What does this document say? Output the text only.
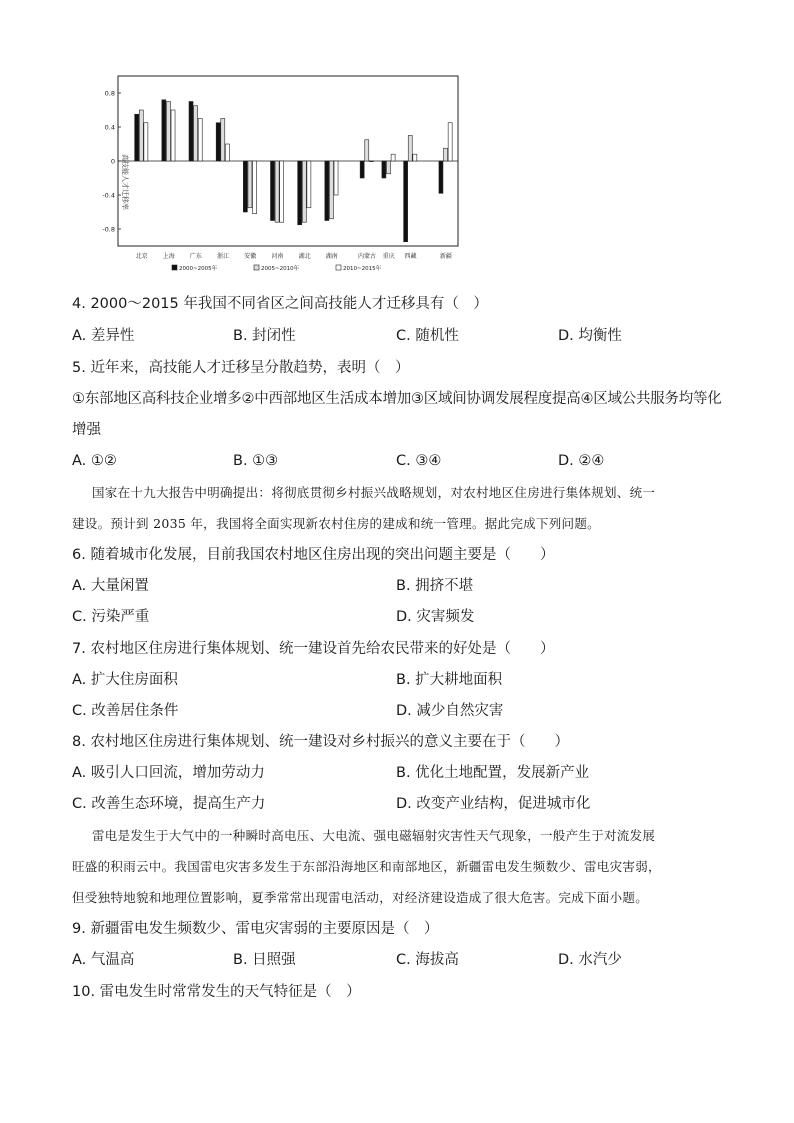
高技能人才迁移率
0.8
0.4
0
-0.4
-0.8
北京	上海	广东	浙江	安徽	河南	湖北	湖南	内蒙古 重庆 西藏	新疆
2000~2005年	2005~2010年	2010~2015年
4. 2000～2015 年我国不同省区之间高技能人才迁移具有（　）
A. 差异性	B. 封闭性	C. 随机性	D. 均衡性
5. 近年来，高技能人才迁移呈分散趋势，表明（　）
①东部地区高科技企业增多②中西部地区生活成本增加③区域间协调发展程度提高④区域公共服务均等化
增强
A. ①②	B. ①③	C. ③④	D. ②④
国家在十九大报告中明确提出：将彻底贯彻乡村振兴战略规划，对农村地区住房进行集体规划、统一
建设。预计到 2035 年，我国将全面实现新农村住房的建成和统一管理。据此完成下列问题。
6. 随着城市化发展，目前我国农村地区住房出现的突出问题主要是（　　）
A. 大量闲置	B. 拥挤不堪
C. 污染严重	D. 灾害频发
7. 农村地区住房进行集体规划、统一建设首先给农民带来的好处是（　　）
A. 扩大住房面积	B. 扩大耕地面积
C. 改善居住条件	D. 减少自然灾害
8. 农村地区住房进行集体规划、统一建设对乡村振兴的意义主要在于（　　）
A. 吸引人口回流，增加劳动力	B. 优化土地配置，发展新产业
C. 改善生态环境，提高生产力	D. 改变产业结构，促进城市化
雷电是发生于大气中的一种瞬时高电压、大电流、强电磁辐射灾害性天气现象，一般产生于对流发展
旺盛的积雨云中。我国雷电灾害多发生于东部沿海地区和南部地区，新疆雷电发生频数少、雷电灾害弱，
但受独特地貌和地理位置影响，夏季常常出现雷电活动，对经济建设造成了很大危害。完成下面小题。
9. 新疆雷电发生频数少、雷电灾害弱的主要原因是（　）
A. 气温高	B. 日照强	C. 海拔高	D. 水汽少
10. 雷电发生时常常发生的天气特征是（　）
